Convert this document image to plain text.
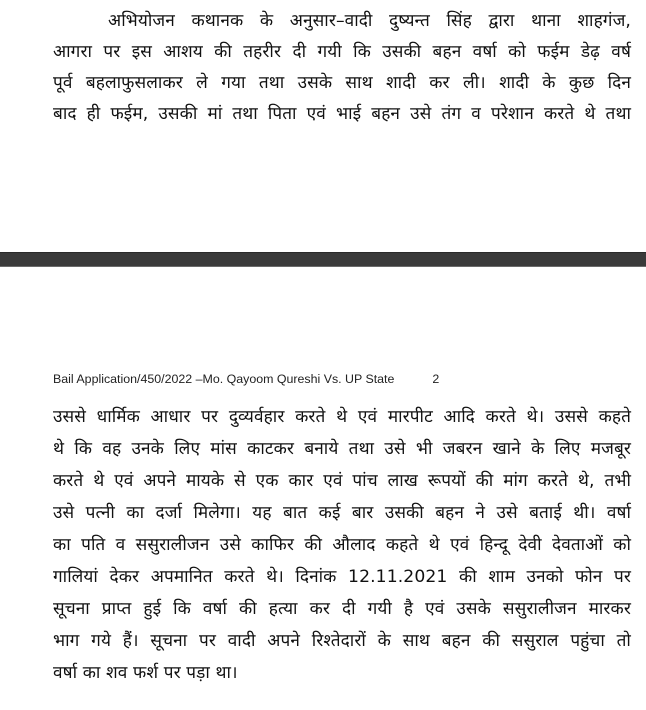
अभियोजन कथानक के अनुसार–वादी दुष्यन्त सिंह द्वारा थाना शाहगंज,
आगरा पर इस आशय की तहरीर दी गयी कि उसकी बहन वर्षा को फईम डेढ़ वर्ष
पूर्व बहलाफुसलाकर ले गया तथा उसके साथ शादी कर ली। शादी के कुछ दिन
बाद ही फईम, उसकी मां तथा पिता एवं भाई बहन उसे तंग व परेशान करते थे तथा
Bail Application/450/2022 –Mo. Qayoom Qureshi Vs. UP State	2
उससे धार्मिक आधार पर दुव्यर्वहार करते थे एवं मारपीट आदि करते थे। उससे कहते
थे कि वह उनके लिए मांस काटकर बनाये तथा उसे भी जबरन खाने के लिए मजबूर
करते थे एवं अपने मायके से एक कार एवं पांच लाख रूपयों की मांग करते थे, तभी
उसे पत्नी का दर्जा मिलेगा। यह बात कई बार उसकी बहन ने उसे बताई थी। वर्षा
का पति व ससुरालीजन उसे काफिर की औलाद कहते थे एवं हिन्दू देवी देवताओं को
गालियां देकर अपमानित करते थे। दिनांक 12.11.2021 की शाम उनको फोन पर
सूचना प्राप्त हुई कि वर्षा की हत्या कर दी गयी है एवं उसके ससुरालीजन मारकर
भाग गये हैं। सूचना पर वादी अपने रिश्तेदारों के साथ बहन की ससुराल पहुंचा तो
वर्षा का शव फर्श पर पड़ा था।
